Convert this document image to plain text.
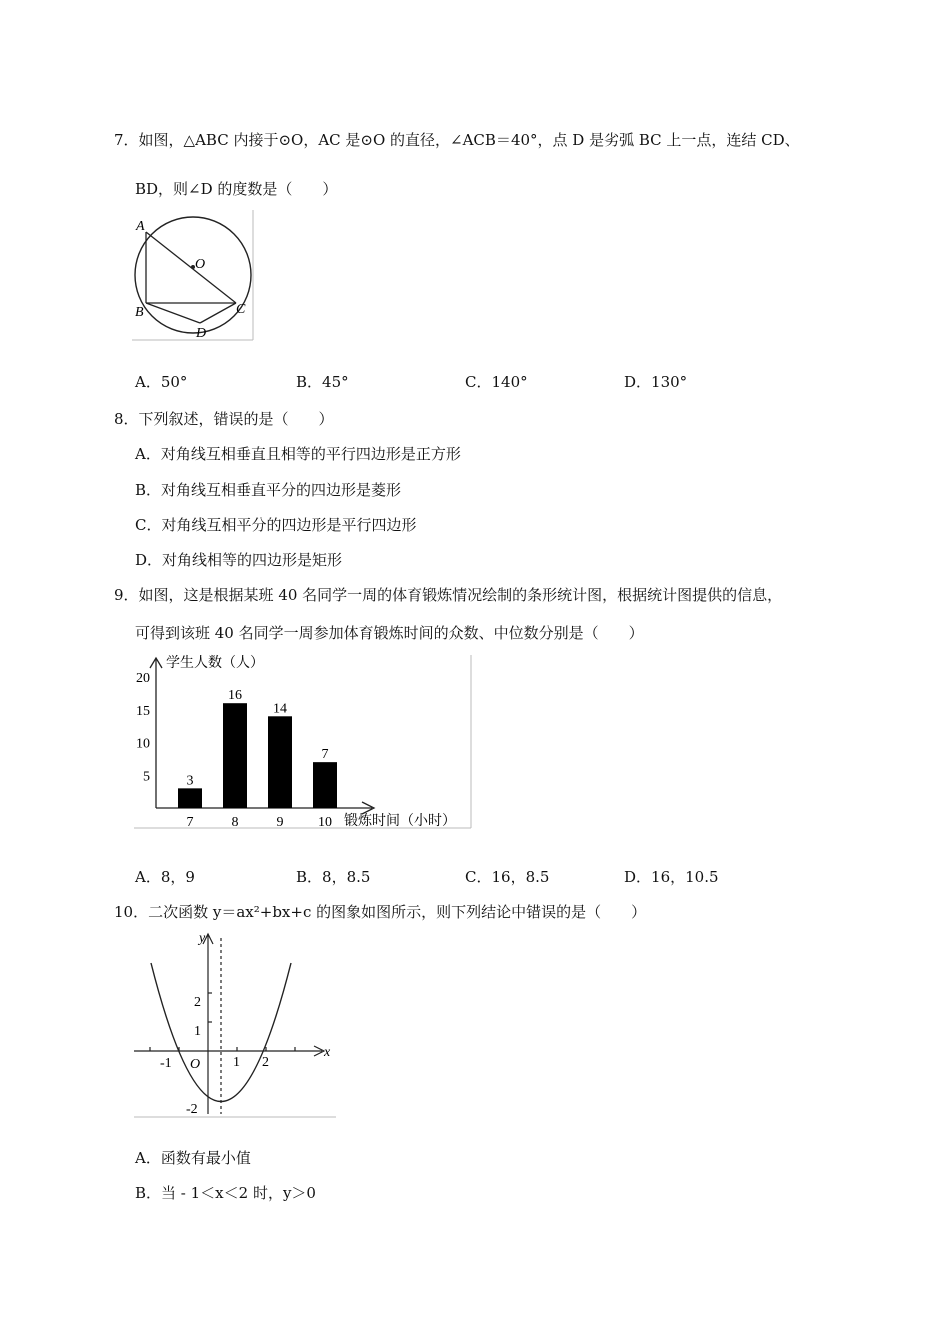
7．如图，△ABC 内接于⊙O，AC 是⊙O 的直径，∠ACB＝40°，点 D 是劣弧 BC 上一点，连结 CD、
BD，则∠D 的度数是（　　）
A
O
B	C
D
A．50°	B．45°	C．140°	D．130°
8．下列叙述，错误的是（　　）
A．对角线互相垂直且相等的平行四边形是正方形
B．对角线互相垂直平分的四边形是菱形
C．对角线互相平分的四边形是平行四边形
D．对角线相等的四边形是矩形
9．如图，这是根据某班 40 名同学一周的体育锻炼情况绘制的条形统计图，根据统计图提供的信息，
可得到该班 40 名同学一周参加体育锻炼时间的众数、中位数分别是（　　）
学生人数（人）
锻炼时间（小时）
5
10
15
20
3
7
16
8
14
9
7
10
A．8，9	B．8，8.5	C．16，8.5	D．16，10.5
10．二次函数 y＝ax²+bx+c 的图象如图所示，则下列结论中错误的是（　　）
y
x
O
2
1
-2
-1	1 2
A．函数有最小值
B．当 - 1＜x＜2 时，y＞0
